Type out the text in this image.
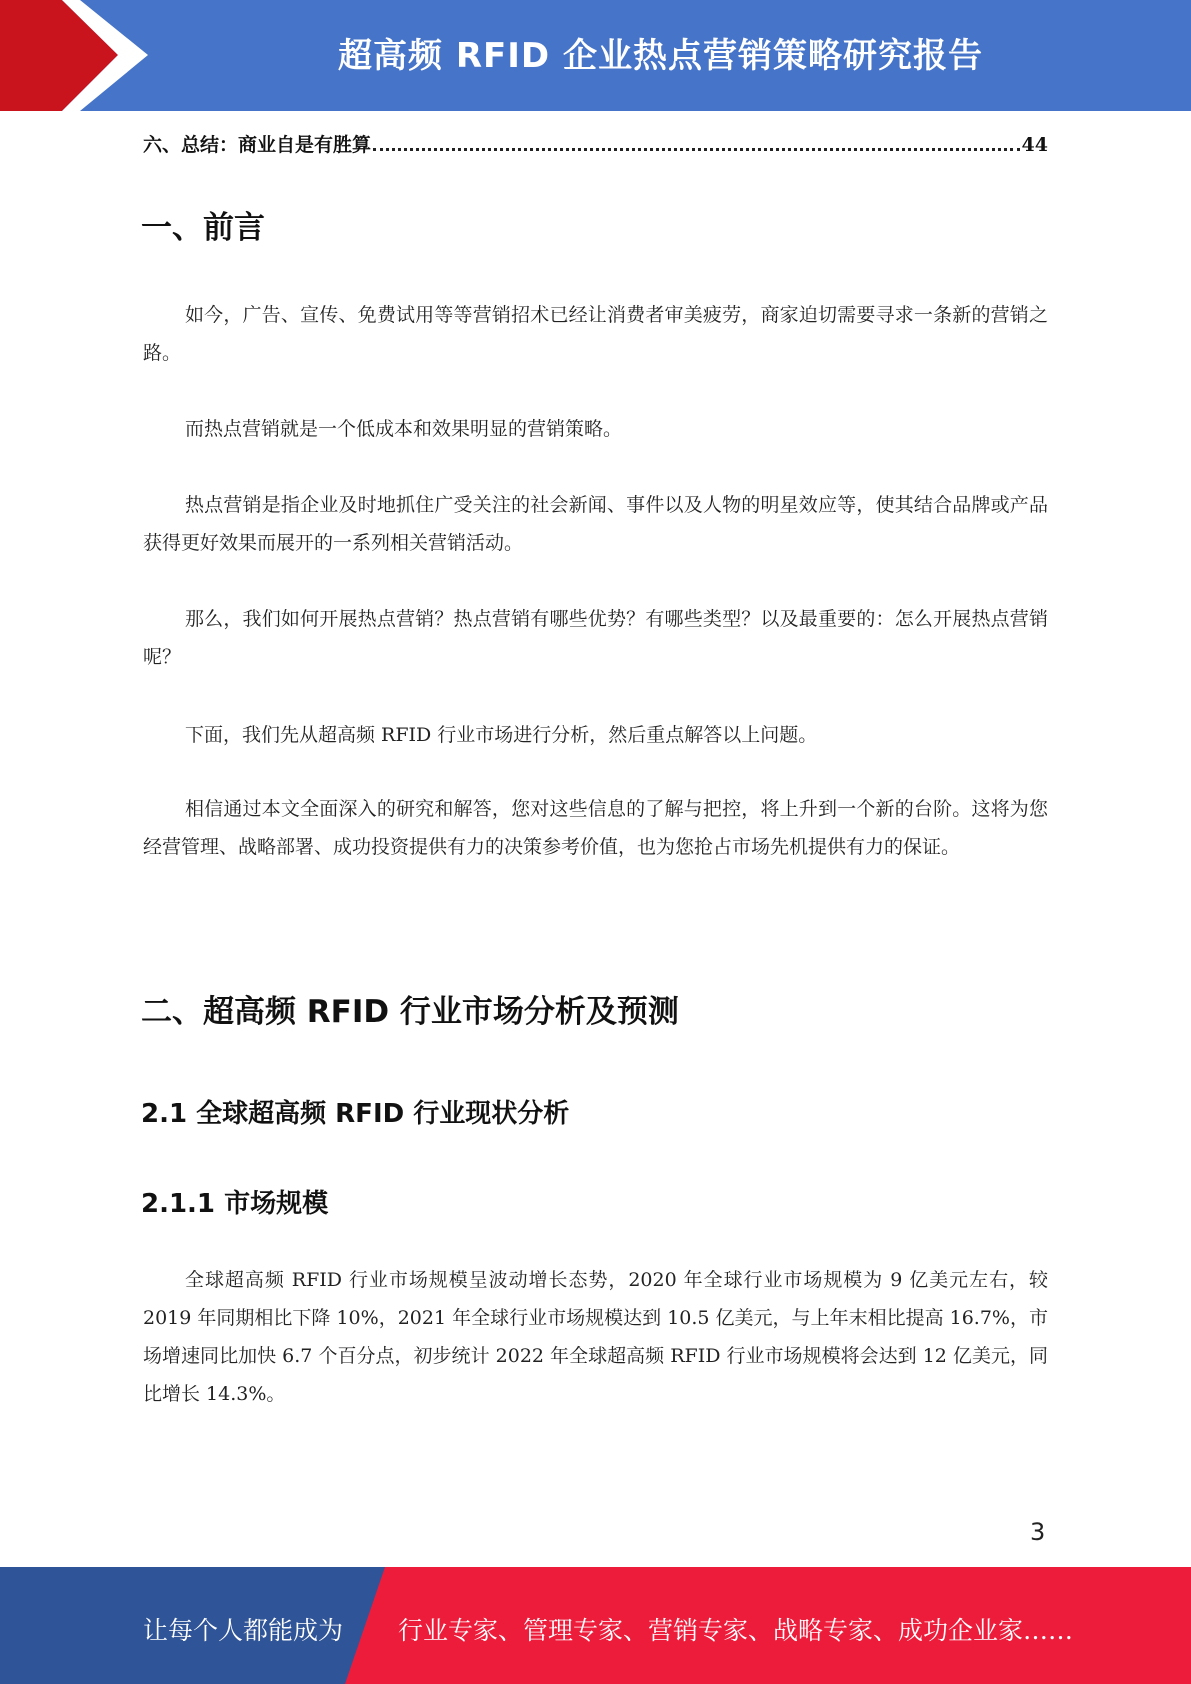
超高频 RFID 企业热点营销策略研究报告
六、总结：商业自是有胜算	44
一、前言

如今，广告、宣传、免费试用等等营销招术已经让消费者审美疲劳，商家迫切需要寻求一条新的营销之路。

而热点营销就是一个低成本和效果明显的营销策略。

热点营销是指企业及时地抓住广受关注的社会新闻、事件以及人物的明星效应等，使其结合品牌或产品获得更好效果而展开的一系列相关营销活动。

那么，我们如何开展热点营销？热点营销有哪些优势？有哪些类型？以及最重要的：怎么开展热点营销呢？

下面，我们先从超高频 RFID 行业市场进行分析，然后重点解答以上问题。

相信通过本文全面深入的研究和解答，您对这些信息的了解与把控，将上升到一个新的台阶。这将为您经营管理、战略部署、成功投资提供有力的决策参考价值，也为您抢占市场先机提供有力的保证。

二、超高频 RFID 行业市场分析及预测
2.1 全球超高频 RFID 行业现状分析
2.1.1 市场规模

全球超高频 RFID 行业市场规模呈波动增长态势，2020 年全球行业市场规模为 9 亿美元左右，较 2019 年同期相比下降 10%，2021 年全球行业市场规模达到 10.5 亿美元，与上年末相比提高 16.7%，市场增速同比加快 6.7 个百分点，初步统计 2022 年全球超高频 RFID 行业市场规模将会达到 12 亿美元，同比增长 14.3%。

3
让每个人都能成为 行业专家、管理专家、营销专家、战略专家、成功企业家……
